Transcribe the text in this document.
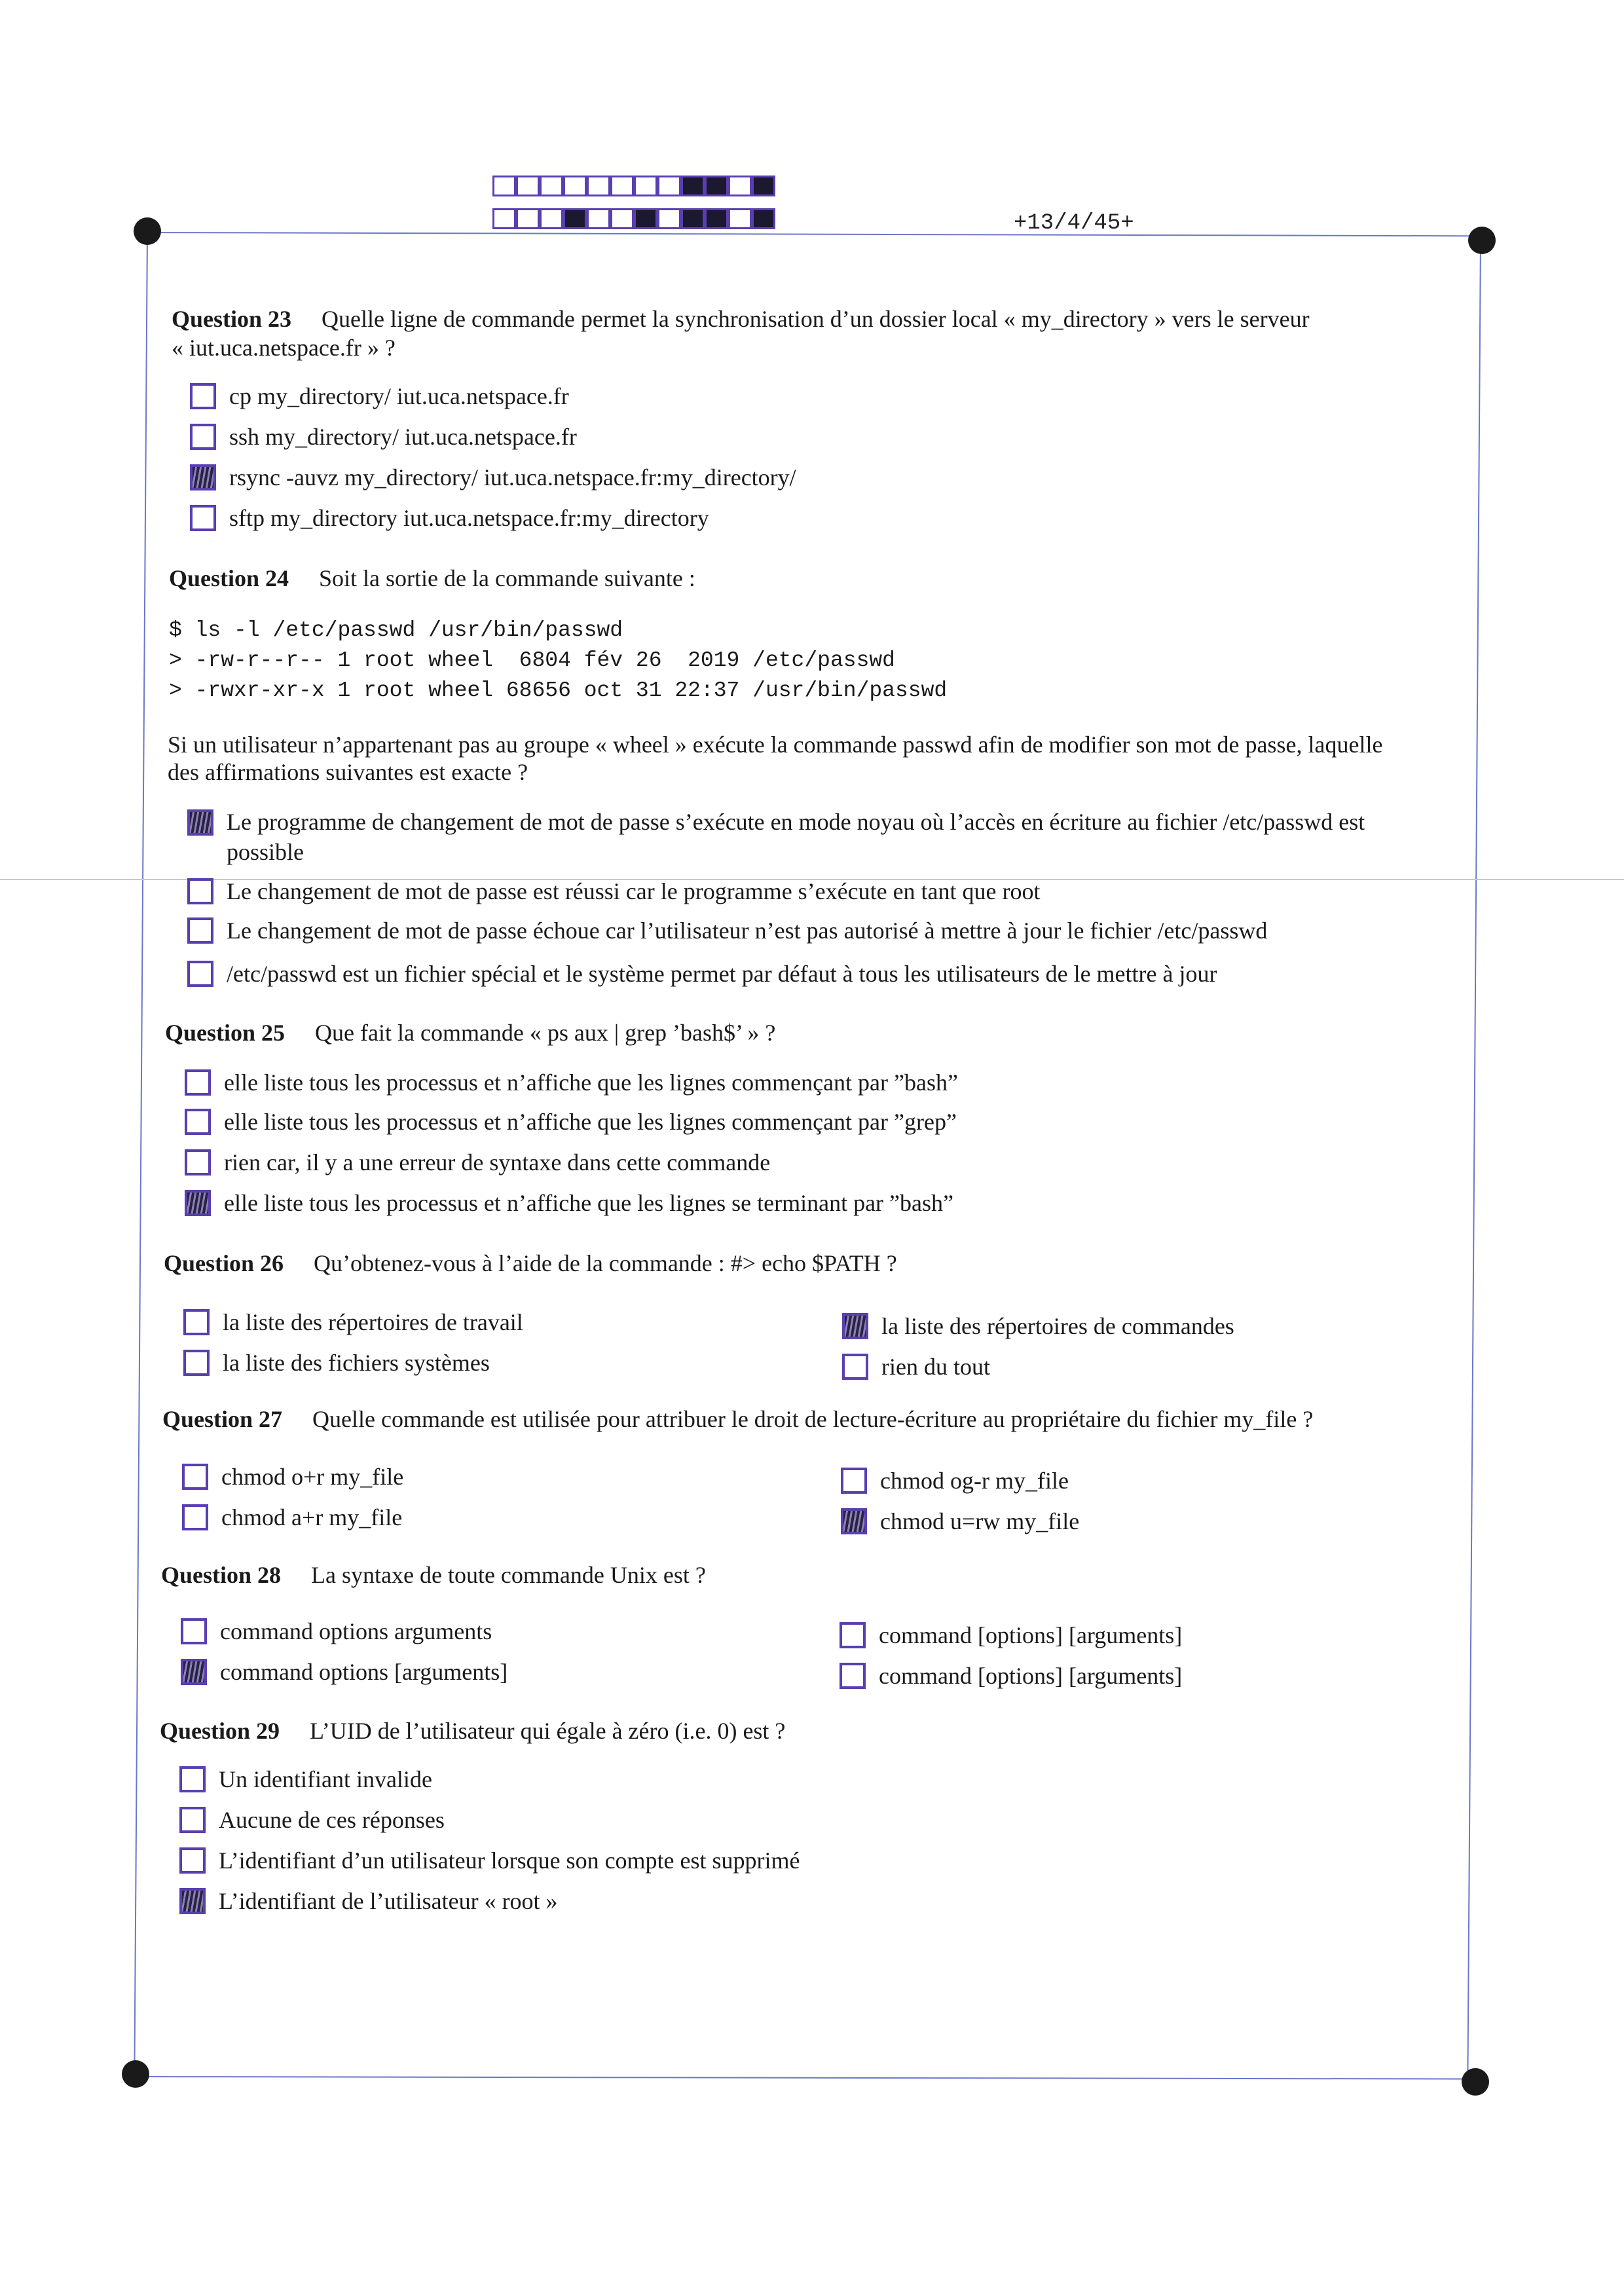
+13/4/45+
Question 23 Quelle ligne de commande permet la synchronisation d’un dossier local « my_directory » vers le serveur
« iut.uca.netspace.fr » ?
cp my_directory/ iut.uca.netspace.fr
ssh my_directory/ iut.uca.netspace.fr
rsync -auvz my_directory/ iut.uca.netspace.fr:my_directory/
sftp my_directory iut.uca.netspace.fr:my_directory
Question 24 Soit la sortie de la commande suivante :
$ ls -l /etc/passwd /usr/bin/passwd
> -rw-r--r-- 1 root wheel  6804 fév 26  2019 /etc/passwd
> -rwxr-xr-x 1 root wheel 68656 oct 31 22:37 /usr/bin/passwd
Si un utilisateur n’appartenant pas au groupe « wheel » exécute la commande passwd afin de modifier son mot de passe, laquelle
des affirmations suivantes est exacte ?
Le programme de changement de mot de passe s’exécute en mode noyau où l’accès en écriture au fichier /etc/passwd est
possible
Le changement de mot de passe est réussi car le programme s’exécute en tant que root
Le changement de mot de passe échoue car l’utilisateur n’est pas autorisé à mettre à jour le fichier /etc/passwd
/etc/passwd est un fichier spécial et le système permet par défaut à tous les utilisateurs de le mettre à jour
Question 25 Que fait la commande « ps aux | grep ’bash$’ » ?
elle liste tous les processus et n’affiche que les lignes commençant par ”bash”
elle liste tous les processus et n’affiche que les lignes commençant par ”grep”
rien car, il y a une erreur de syntaxe dans cette commande
elle liste tous les processus et n’affiche que les lignes se terminant par ”bash”
Question 26 Qu’obtenez-vous à l’aide de la commande : #> echo $PATH ?
la liste des répertoires de travail
la liste des fichiers systèmes
la liste des répertoires de commandes
rien du tout
Question 27 Quelle commande est utilisée pour attribuer le droit de lecture-écriture au propriétaire du fichier my_file ?
chmod o+r my_file
chmod a+r my_file
chmod og-r my_file
chmod u=rw my_file
Question 28 La syntaxe de toute commande Unix est ?
command options arguments
command options [arguments]
command [options] [arguments]
command [options] [arguments]
Question 29 L’UID de l’utilisateur qui égale à zéro (i.e. 0) est ?
Un identifiant invalide
Aucune de ces réponses
L’identifiant d’un utilisateur lorsque son compte est supprimé
L’identifiant de l’utilisateur « root »
